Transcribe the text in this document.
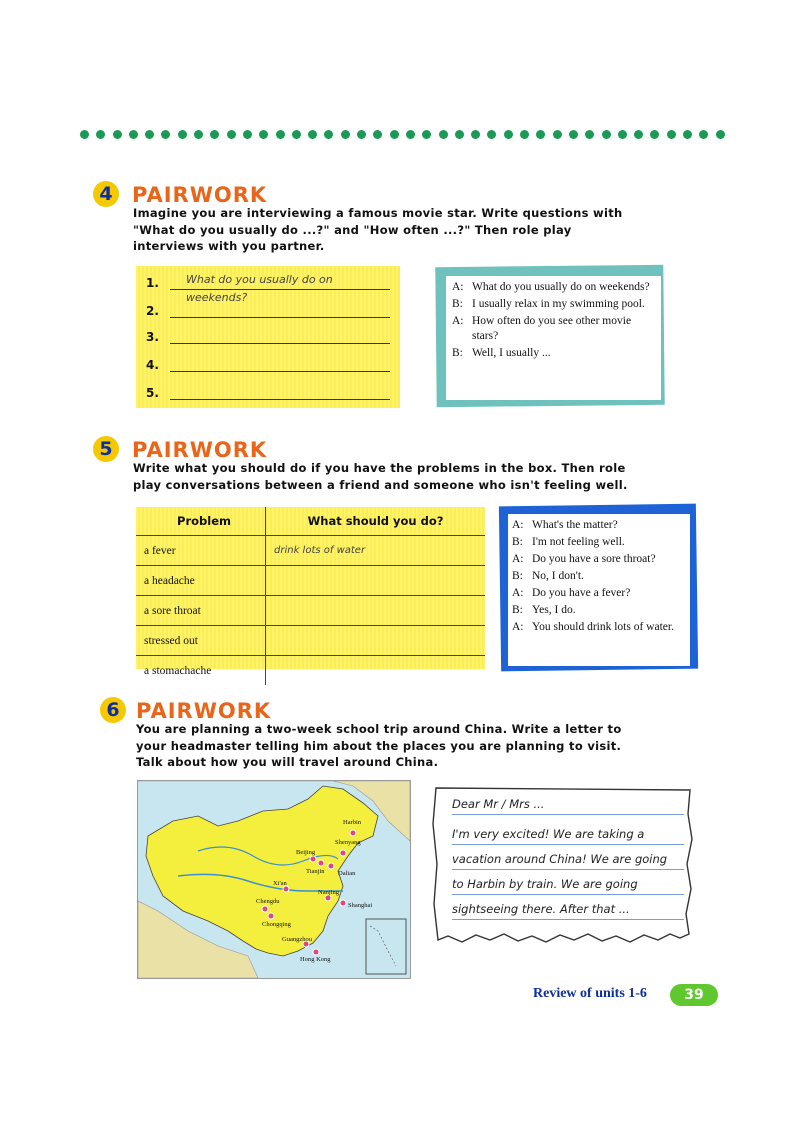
4 PAIRWORK
Imagine you are interviewing a famous movie star. Write questions with
"What do you usually do ...?" and "How often ...?" Then role play
interviews with you partner.
1.	What do you usually do on weekends?
2.
3.
4.
5.
A: What do you usually do on weekends?
B: I usually relax in my swimming pool.
A: How often do you see other movie stars?
B: Well, I usually ...
5 PAIRWORK
Write what you should do if you have the problems in the box. Then role
play conversations between a friend and someone who isn't feeling well.
Problem	What should you do?
a fever	drink lots of water
a headache	
a sore throat	
stressed out	
a stomachache	
A: What's the matter?
B: I'm not feeling well.
A: Do you have a sore throat?
B: No, I don't.
A: Do you have a fever?
B: Yes, I do.
A: You should drink lots of water.
6 PAIRWORK
You are planning a two-week school trip around China. Write a letter to
your headmaster telling him about the places you are planning to visit.
Talk about how you will travel around China.
Harbin
Shenyang
Beijing
Tianjin Dalian
Xi'an
Nanjing
Shanghai
Chengdu
Chongqing
Guangzhou
Hong Kong
Dear Mr / Mrs ...
I'm very excited! We are taking a
vacation around China! We are going
to Harbin by train. We are going
sightseeing there. After that ...
Review of units 1-6	39
